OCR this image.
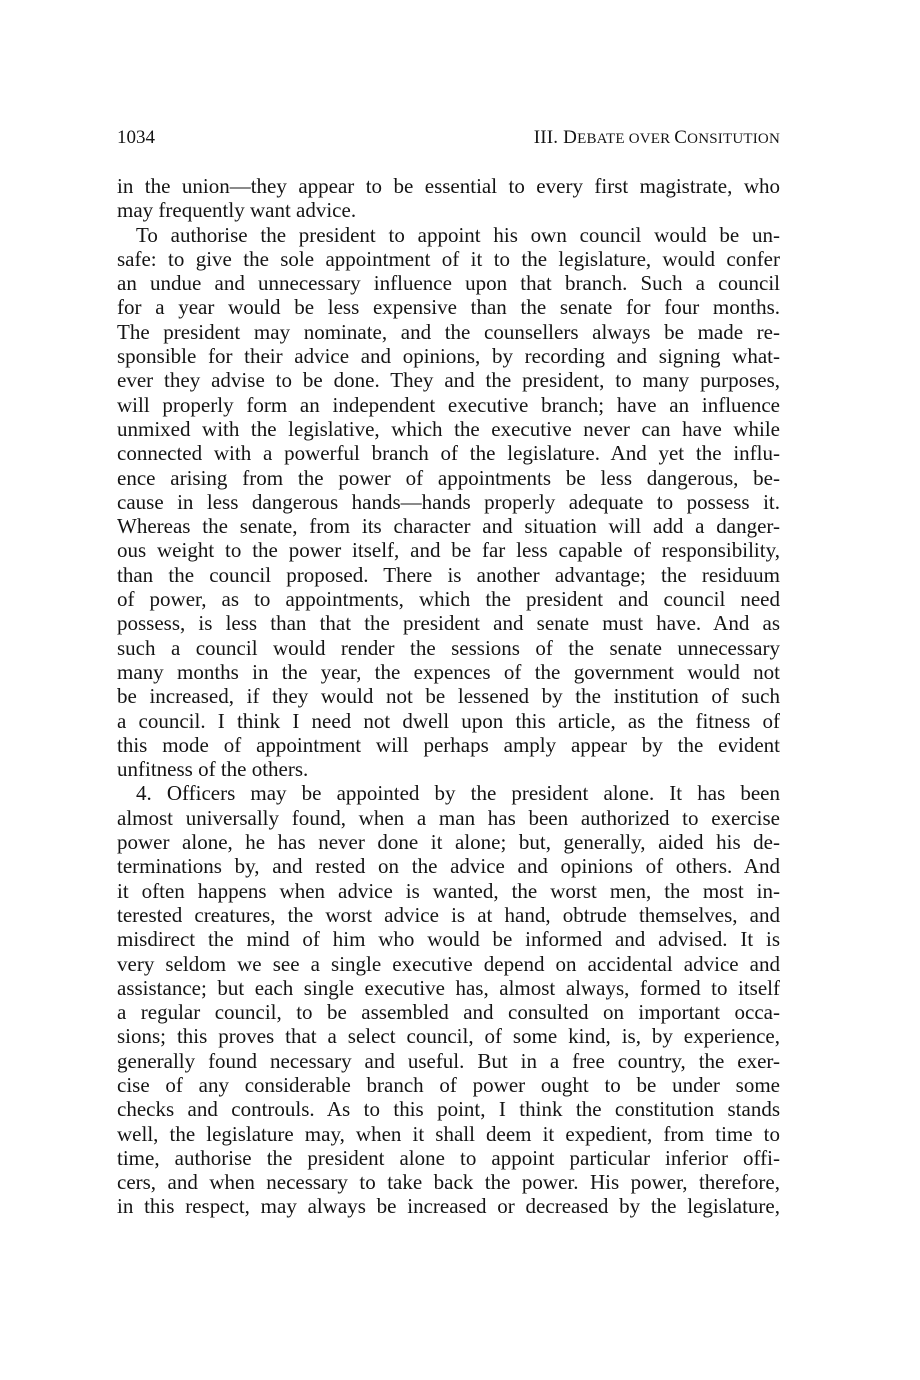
1034	III. DEBATE OVER CONSITUTION
in the union—they appear to be essential to every first magistrate, who
may frequently want advice.
To authorise the president to appoint his own council would be un-
safe: to give the sole appointment of it to the legislature, would confer
an undue and unnecessary influence upon that branch. Such a council
for a year would be less expensive than the senate for four months.
The president may nominate, and the counsellers always be made re-
sponsible for their advice and opinions, by recording and signing what-
ever they advise to be done. They and the president, to many purposes,
will properly form an independent executive branch; have an influence
unmixed with the legislative, which the executive never can have while
connected with a powerful branch of the legislature. And yet the influ-
ence arising from the power of appointments be less dangerous, be-
cause in less dangerous hands—hands properly adequate to possess it.
Whereas the senate, from its character and situation will add a danger-
ous weight to the power itself, and be far less capable of responsibility,
than the council proposed. There is another advantage; the residuum
of power, as to appointments, which the president and council need
possess, is less than that the president and senate must have. And as
such a council would render the sessions of the senate unnecessary
many months in the year, the expences of the government would not
be increased, if they would not be lessened by the institution of such
a council. I think I need not dwell upon this article, as the fitness of
this mode of appointment will perhaps amply appear by the evident
unfitness of the others.
4. Officers may be appointed by the president alone. It has been
almost universally found, when a man has been authorized to exercise
power alone, he has never done it alone; but, generally, aided his de-
terminations by, and rested on the advice and opinions of others. And
it often happens when advice is wanted, the worst men, the most in-
terested creatures, the worst advice is at hand, obtrude themselves, and
misdirect the mind of him who would be informed and advised. It is
very seldom we see a single executive depend on accidental advice and
assistance; but each single executive has, almost always, formed to itself
a regular council, to be assembled and consulted on important occa-
sions; this proves that a select council, of some kind, is, by experience,
generally found necessary and useful. But in a free country, the exer-
cise of any considerable branch of power ought to be under some
checks and controuls. As to this point, I think the constitution stands
well, the legislature may, when it shall deem it expedient, from time to
time, authorise the president alone to appoint particular inferior offi-
cers, and when necessary to take back the power. His power, therefore,
in this respect, may always be increased or decreased by the legislature,
